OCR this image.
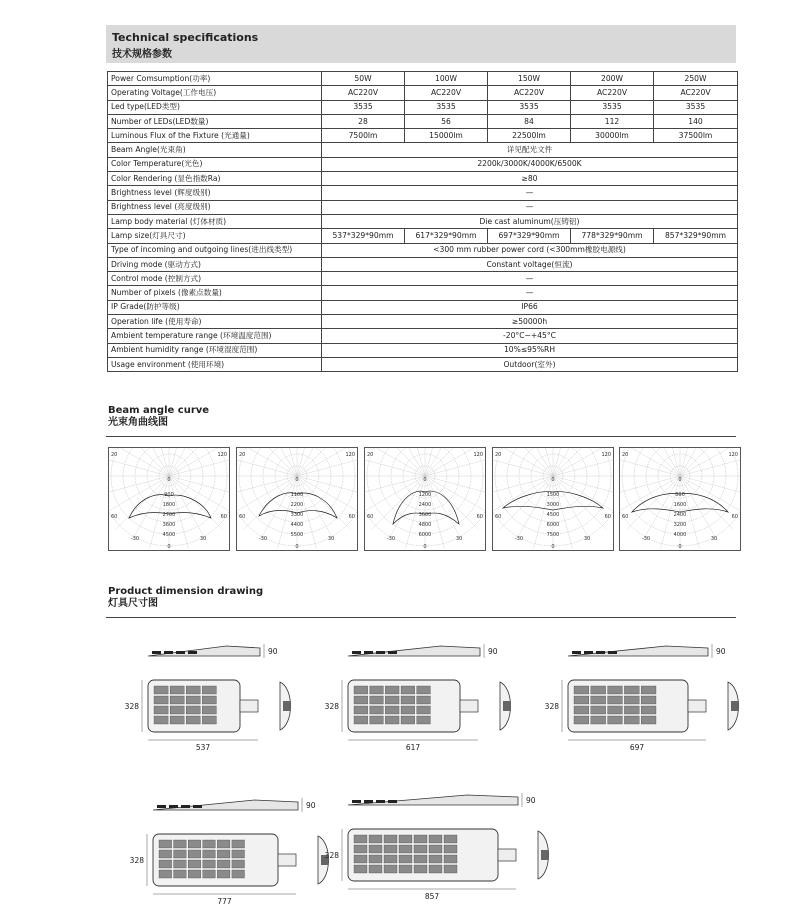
Technical specifications
技术规格参数
Power Comsumption(功率)	50W	100W	150W	200W	250W
Operating Voltage(工作电压)	AC220V	AC220V	AC220V	AC220V	AC220V
Led type(LED类型)	3535	3535	3535	3535	3535
Number of LEDs(LED数量)	28	56	84	112	140
Luminous Flux of the Fixture (光通量)	7500lm	15000lm	22500lm	30000lm	37500lm
Beam Angle(光束角)	详见配光文件				
Color Temperature(光色)	2200k/3000K/4000K/6500K				
Color Rendering (显色指数Ra)	≥80				
Brightness level (辉度级别)	—				
Brightness level (亮度级别)	—				
Lamp body material (灯体材质)	Die cast aluminum(压铸铝)				
Lamp size(灯具尺寸)	537*329*90mm	617*329*90mm	697*329*90mm	778*329*90mm	857*329*90mm
Type of incoming and outgoing lines(进出线类型)	<300 mm rubber power cord (<300mm橡胶电源线)				
Driving mode (驱动方式)	Constant voltage(恒流)				
Control mode (控制方式)	—				
Number of pixels (像素点数量)	—				
IP Grade(防护等级)	IP66				
Operation life (使用寿命)	≥50000h				
Ambient temperature range (环境温度范围)	-20°C~+45°C				
Ambient humidity range (环境湿度范围)	10%≤95%RH				
Usage environment (使用环境)	Outdoor(室外)				
Beam angle curve
光束角曲线图
20	120
60	60
-30	30
0
0
900
1800
2700
3600
4500
20	120
60	60
-30	30
0
0
1100
2200
3300
4400
5500
20	120
60	60
-30	30
0
0
1200
2400
3600
4800
6000
20	120
60	60
-30	30
0
0
1500
3000
4500
6000
7500
20	120
60	60
-30	30
0
0
800
1600
2400
3200
4000
Product dimension drawing
灯具尺寸图
90
328
537
90
328
617
90
328
697
90
328
777
90
328
857
